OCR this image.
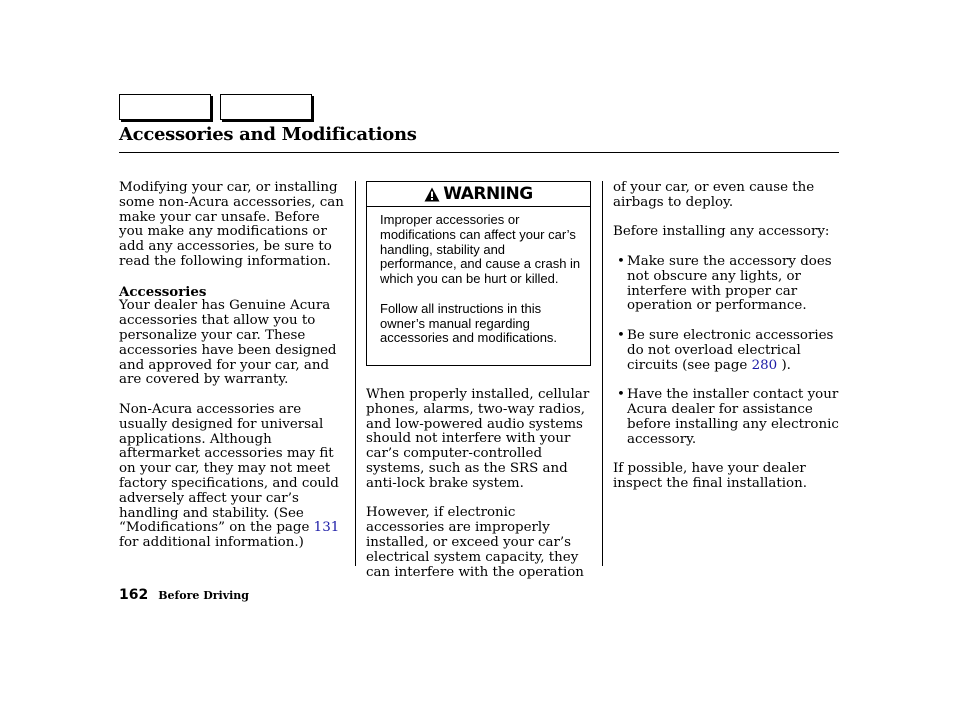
Accessories and Modifications

Modifying your car, or installing some non-Acura accessories, can make your car unsafe. Before you make any modifications or add any accessories, be sure to read the following information.

Accessories

Your dealer has Genuine Acura accessories that allow you to personalize your car. These accessories have been designed and approved for your car, and are covered by warranty.

Non-Acura accessories are usually designed for universal applications. Although aftermarket accessories may fit on your car, they may not meet factory specifications, and could adversely affect your car’s handling and stability. (See “Modifications” on the page 131 for additional information.)

WARNING

Improper accessories or modifications can affect your car’s handling, stability and performance, and cause a crash in which you can be hurt or killed.

Follow all instructions in this owner’s manual regarding accessories and modifications.

When properly installed, cellular phones, alarms, two-way radios, and low-powered audio systems should not interfere with your car’s computer-controlled systems, such as the SRS and anti-lock brake system.

However, if electronic accessories are improperly installed, or exceed your car’s electrical system capacity, they can interfere with the operation

of your car, or even cause the airbags to deploy.

Before installing any accessory:

• Make sure the accessory does not obscure any lights, or interfere with proper car operation or performance.
• Be sure electronic accessories do not overload electrical circuits (see page 280 ).
• Have the installer contact your Acura dealer for assistance before installing any electronic accessory.

If possible, have your dealer inspect the final installation.

162 Before Driving
